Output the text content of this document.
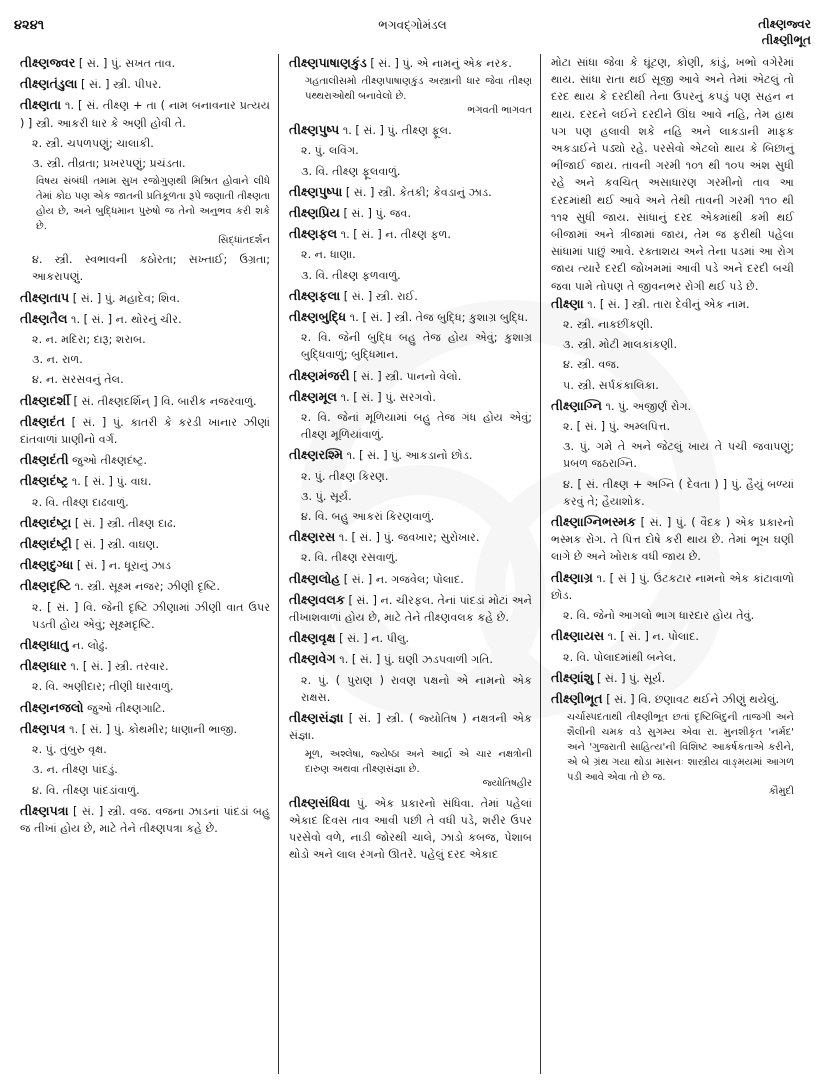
૪૨૪૧	ભગવદ્ગોમંડલ	તીક્ષ્ણજ્વર
તીક્ષ્ણીભૂત
તીક્ષ્ણજ્વર [ સં. ] પું. સખત તાવ.
તીક્ષ્ણતંડુલા [ સં. ] સ્ત્રી. પીપર.
તીક્ષ્ણતા ૧. [ સં. તીક્ષ્ણ + તા ( નામ બનાવનાર પ્રત્યય ) ] સ્ત્રી. આકરી ધાર કે અણી હોવી તે.
૨. સ્ત્રી. ચપળપણું; ચાલાકી.
૩. સ્ત્રી. તીવ્રતા; પ્રખરપણું; પ્રચંડતા.
વિષય સંબંધી તમામ સુખ રજોગુણથી મિશ્રિત હોવાને લીધે તેમાં કોઇ પણ એક જાતની પ્રતિકૂળતા રૂપે જણાતી તીક્ષ્ણતા હોય છે, અને બુદ્ધિમાન પુરુષો જ તેનો અનુભવ કરી શકે છે.
સિદ્ધાંતદર્શન
૪. સ્ત્રી. સ્વભાવની કઠોરતા; સખ્તાઈ; ઉગ્રતા; આકરાપણું.
તીક્ષ્ણતાપ [ સં. ] પું. મહાદેવ; શિવ.
તીક્ષ્ણતૈલ ૧. [ સં. ] ન. થોરનું ચીર.
૨. ન. મદિરા; દારૂ; શરાબ.
૩. ન. રાળ.
૪. ન. સરસવનું તેલ.
તીક્ષ્ણદર્શી [ સં. તીક્ષ્ણદર્શિન્ ] વિ. બારીક નજરવાળું.
તીક્ષ્ણદંત [ સં. ] પું. કાતરી કે કરડી ખાનાર ઝીણાં દાંતવાળાં પ્રાણીનો વર્ગ.
તીક્ષ્ણદંતી જુઓ તીક્ષ્ણદંષ્ટ્ર.
તીક્ષ્ણદંષ્ટ્ર ૧. [ સં. ] પું. વાઘ.
૨. વિ. તીક્ષ્ણ દાઢવાળું.
તીક્ષ્ણદંષ્ટ્રા [ સં. ] સ્ત્રી. તીક્ષ્ણ દાઢ.
તીક્ષ્ણદંષ્ટ્રી [ સં. ] સ્ત્રી. વાઘણ.
તીક્ષ્ણદુગ્ધા [ સં. ] ન. ધૂરાનું ઝાડ
તીક્ષ્ણદૃષ્ટિ ૧. સ્ત્રી. સૂક્ષ્મ નજર; ઝીણી દૃષ્ટિ.
૨. [ સં. ] વિ. જેની દૃષ્ટિ ઝીણામાં ઝીણી વાત ઉપર પડતી હોય એવું; સૂક્ષ્મદૃષ્ટિ.
તીક્ષ્ણધાતુ ન. લોઢું.
તીક્ષ્ણધાર ૧. [ સં. ] સ્ત્રી. તરવાર.
૨. વિ. અણીદાર; તીણી ધારવાળું.
તીક્ષ્ણનજલો જુઓ તીક્ષ્ણગાટિ.
તીક્ષ્ણપત્ર ૧. [ સં. ] પું. કોથમીર; ધાણાની ભાજી.
૨. પું. તુંબુરુ વૃક્ષ.
૩. ન. તીક્ષ્ણ પાંદડું.
૪. વિ. તીક્ષ્ણ પાંદડાંવાળું.
તીક્ષ્ણપત્રા [ સં. ] સ્ત્રી. વજ. વજના ઝાડનાં પાંદડાં બહુ જ તીખાં હોય છે, માટે તેને તીક્ષ્ણપત્રા કહે છે.
તીક્ષ્ણપાષાણકુંડ [ સં. ] પું. એ નામનું એક નરક.
ગહતાલીસમો તીક્ષ્ણપાષાણકુંડ અસ્ત્રાની ધાર જેવા તીક્ષ્ણ પથ્થરાઓથી બનાવેલો છે.
ભગવતી ભાગવત
તીક્ષ્ણપુષ્પ ૧. [ સં. ] પું. તીક્ષ્ણ ફૂલ.
૨. પું. લવિંગ.
૩. વિ. તીક્ષ્ણ ફૂલવાળું.
તીક્ષ્ણપુષ્પા [ સં. ] સ્ત્રી. કેતકી; કેવડાનું ઝાડ.
તીક્ષ્ણપ્રિય [ સં. ] પું. જવ.
તીક્ષ્ણફલ ૧. [ સં. ] ન. તીક્ષ્ણ ફળ.
૨. ન. ધાણા.
૩. વિ. તીક્ષ્ણ ફળવાળું.
તીક્ષ્ણફલા [ સં. ] સ્ત્રી. રાઈ.
તીક્ષ્ણબુદ્ધિ ૧. [ સં. ] સ્ત્રી. તેજ બુદ્ધિ; કુશાગ્ર બુદ્ધિ.
૨. વિ. જેની બુદ્ધિ બહુ તેજ હોય એવું; કુશાગ્ર બુદ્ધિવાળું; બુદ્ધિમાન.
તીક્ષ્ણમંજરી [ સં. ] સ્ત્રી. પાનનો વેલો.
તીક્ષ્ણમૂલ ૧. [ સં. ] પું. સરગવો.
૨. વિ. જેનાં મૂળિયામાં બહુ તેજ ગંધ હોય એવું; તીક્ષ્ણ મૂળિયાંવાળું.
તીક્ષ્ણરશ્મિ ૧. [ સં. ] પું. આકડાનો છોડ.
૨. પું. તીક્ષ્ણ કિરણ.
૩. પું. સૂર્ય.
૪. વિ. બહુ આકરાં કિરણવાળું.
તીક્ષ્ણરસ ૧. [ સં. ] પું. જવખાર; સુરોખાર.
૨. વિ. તીક્ષ્ણ રસવાળું.
તીક્ષ્ણલોહ [ સં. ] ન. ગજવેલ; પોલાદ.
તીક્ષ્ણવલક [ સં. ] ન. ચીરફલ. તેનાં પાંદડાં મોટાં અને તીખાશવાળાં હોય છે, માટે તેને તીક્ષ્ણવલક કહે છે.
તીક્ષ્ણવૃક્ષ [ સં. ] ન. પીલુ.
તીક્ષ્ણવેગ ૧. [ સં. ] પું. ઘણી ઝડપવાળી ગતિ.
૨. પું. ( પુરાણ ) રાવણ પક્ષનો એ નામનો એક રાક્ષસ.
તીક્ષ્ણસંજ્ઞા [ સં. ] સ્ત્રી. ( જ્યોતિષ ) નક્ષત્રની એક સંજ્ઞા.
મૂળ, અશ્લેષા, જ્યેષ્ઠા અને આર્દ્રા એ ચાર નક્ષત્રોની દારુણ અથવા તીક્ષ્ણસંજ્ઞા છે.
જ્યોતિષહીર
તીક્ષ્ણસંધિવા પું. એક પ્રકારનો સંધિવા. તેમાં પહેલાં એકાદ દિવસ તાવ આવી પછી તે વધી પડે, શરીર ઉપર પરસેવો વળે, નાડી જોરથી ચાલે, ઝાડો કબજ, પેશાબ થોડો અને લાલ રંગનો ઊતરે. પહેલું દરદ એકાદ

મોટા સાંધા જેવા કે ઘૂંટણ, કોણી, કાંડું, ખભો વગેરેમાં થાય. સાંધા રાતા થઈ સૂજી આવે અને તેમાં એટલું તો દરદ થાય કે દરદીથી તેના ઉપરનું કપડું પણ સહન ન થાય. દરદને લઈને દરદીને ઊંઘ આવે નહિ, તેમ હાથ પગ પણ હલાવી શકે નહિ અને લાકડાની માફક અકડાઈને પડ્યો રહે. પરસેવો એટલો થાય કે બિછાનું ભીંજાઈ જાય. તાવની ગરમી ૧૦૧ થી ૧૦૫ અંશ સુધી રહે અને કવચિત્ અસાધારણ ગરમીનો તાવ આ દરદમાંથી થઈ આવે અને તેથી તાવની ગરમી ૧૧૦ થી ૧૧૨ સુધી જાય. સાંધાનું દરદ એકમાંથી કમી થઈ બીજામાં અને ત્રીજામાં જાય, તેમ જ ફરીથી પહેલા સાંધામાં પાછું આવે. રક્તાશય અને તેના પડમાં આ રોગ જાય ત્યારે દરદી જોખમમાં આવી પડે અને દરદી બચી જવા પામે તોપણ તે જીવનભર રોગી થઈ પડે છે.

તીક્ષ્ણા ૧. [ સં. ] સ્ત્રી. તારા દેવીનું એક નામ.
૨. સ્ત્રી. નાકછીંકણી.
૩. સ્ત્રી. મોટી માલકાંકણી.
૪. સ્ત્રી. વજ.
૫. સ્ત્રી. સર્પકંકાલિકા.
તીક્ષ્ણાગ્નિ ૧. પું. અજીર્ણ રોગ.
૨. [ સં. ] પું. અમ્લપિત્ત.
૩. પું. ગમે તે અને જેટલું ખાય તે પચી જવાપણું; પ્રબળ જઠરાગ્નિ.
૪. [ સં. તીક્ષ્ણ + અગ્નિ ( દેવતા ) ] પું. હૈયું બળ્યાં કરવું તે; હૈયાશોક.
તીક્ષ્ણાગ્નિભસ્મક [ સં. ] પું. ( વૈદક ) એક પ્રકારનો ભસ્મક રોગ. તે પિત્ત દોષે કરી થાય છે. તેમાં ભૂખ ઘણી લાગે છે અને ખોરાક વધી જાય છે.
તીક્ષ્ણાગ્ર ૧. [ સં ] પું. ઉંટકટાર નામનો એક કાંટાવાળો છોડ.
૨. વિ. જેનો આગલો ભાગ ધારદાર હોય તેવું.
તીક્ષ્ણાયસ ૧. [ સં. ] ન. પોલાદ.
૨. વિ. પોલાદમાંથી બનેલ.
તીક્ષ્ણાંશુ [ સં. ] પું. સૂર્ય.
તીક્ષ્ણીભૂત [ સં. ] વિ. છણાવટ થઈને ઝીણું થયેલું.
ચર્ચાસ્પદતાથી તીક્ષ્ણીભૂત છતાં દૃષ્ટિબિંદુની તાજગી અને શૈલીની ચમક વડે સુગમ્ય એવા રા. મુનશીકૃત 'નર્મદ' અને 'ગુજરાતી સાહિત્ય'ની વિશિષ્ટ આકર્ષકતાએ કરીને, એ બે ગ્રંથ ગયા થોડા માસનઃ શાસ્ત્રીય વાઙ્મયમાં આગળ પડી આવે એવા તો છે જ.
કૌમુદી
